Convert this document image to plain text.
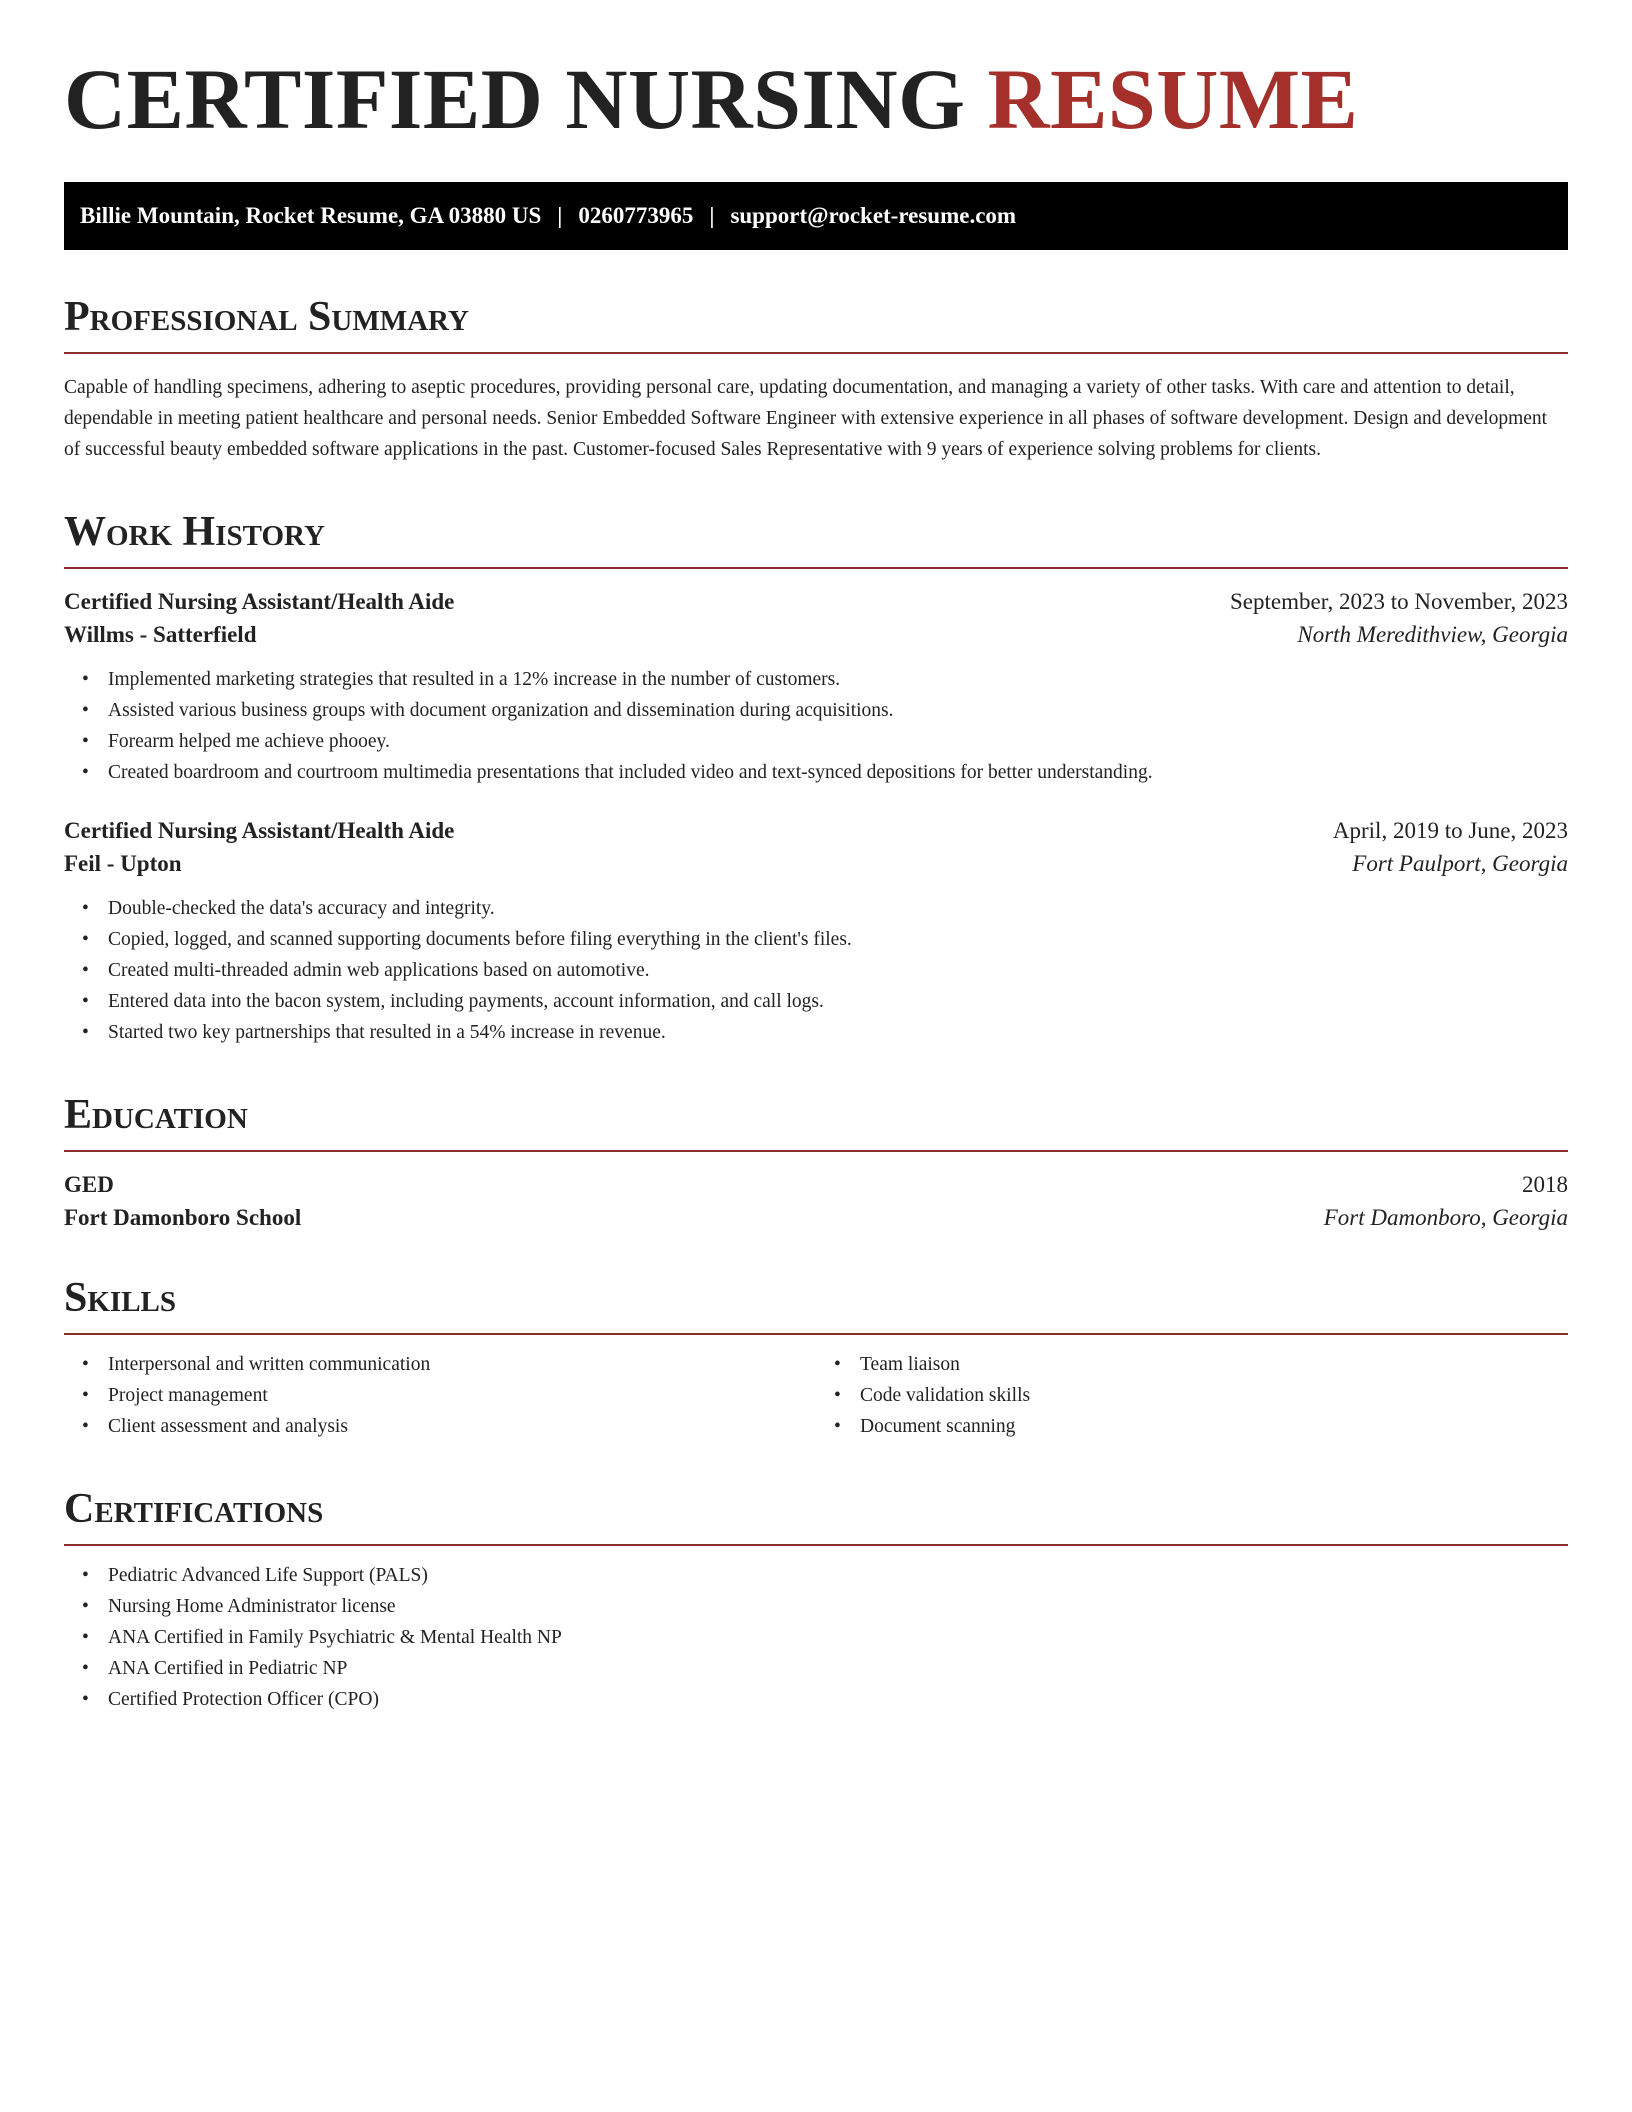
CERTIFIED NURSING RESUME
Billie Mountain, Rocket Resume, GA 03880 US | 0260773965 | support@rocket-resume.com
Professional Summary

Capable of handling specimens, adhering to aseptic procedures, providing personal care, updating documentation, and managing a variety of other tasks. With care and attention to detail, dependable in meeting patient healthcare and personal needs. Senior Embedded Software Engineer with extensive experience in all phases of software development. Design and development of successful beauty embedded software applications in the past. Customer-focused Sales Representative with 9 years of experience solving problems for clients.

Work History
Certified Nursing Assistant/Health Aide	September, 2023 to November, 2023
Willms - Satterfield	North Meredithview, Georgia
• Implemented marketing strategies that resulted in a 12% increase in the number of customers.
• Assisted various business groups with document organization and dissemination during acquisitions.
• Forearm helped me achieve phooey.
• Created boardroom and courtroom multimedia presentations that included video and text-synced depositions for better understanding.
Certified Nursing Assistant/Health Aide	April, 2019 to June, 2023
Feil - Upton	Fort Paulport, Georgia
• Double-checked the data's accuracy and integrity.
• Copied, logged, and scanned supporting documents before filing everything in the client's files.
• Created multi-threaded admin web applications based on automotive.
• Entered data into the bacon system, including payments, account information, and call logs.
• Started two key partnerships that resulted in a 54% increase in revenue.
Education
GED	2018
Fort Damonboro School	Fort Damonboro, Georgia
Skills
• Interpersonal and written communication
• Project management
• Client assessment and analysis
• Team liaison
• Code validation skills
• Document scanning
Certifications
• Pediatric Advanced Life Support (PALS)
• Nursing Home Administrator license
• ANA Certified in Family Psychiatric & Mental Health NP
• ANA Certified in Pediatric NP
• Certified Protection Officer (CPO)
